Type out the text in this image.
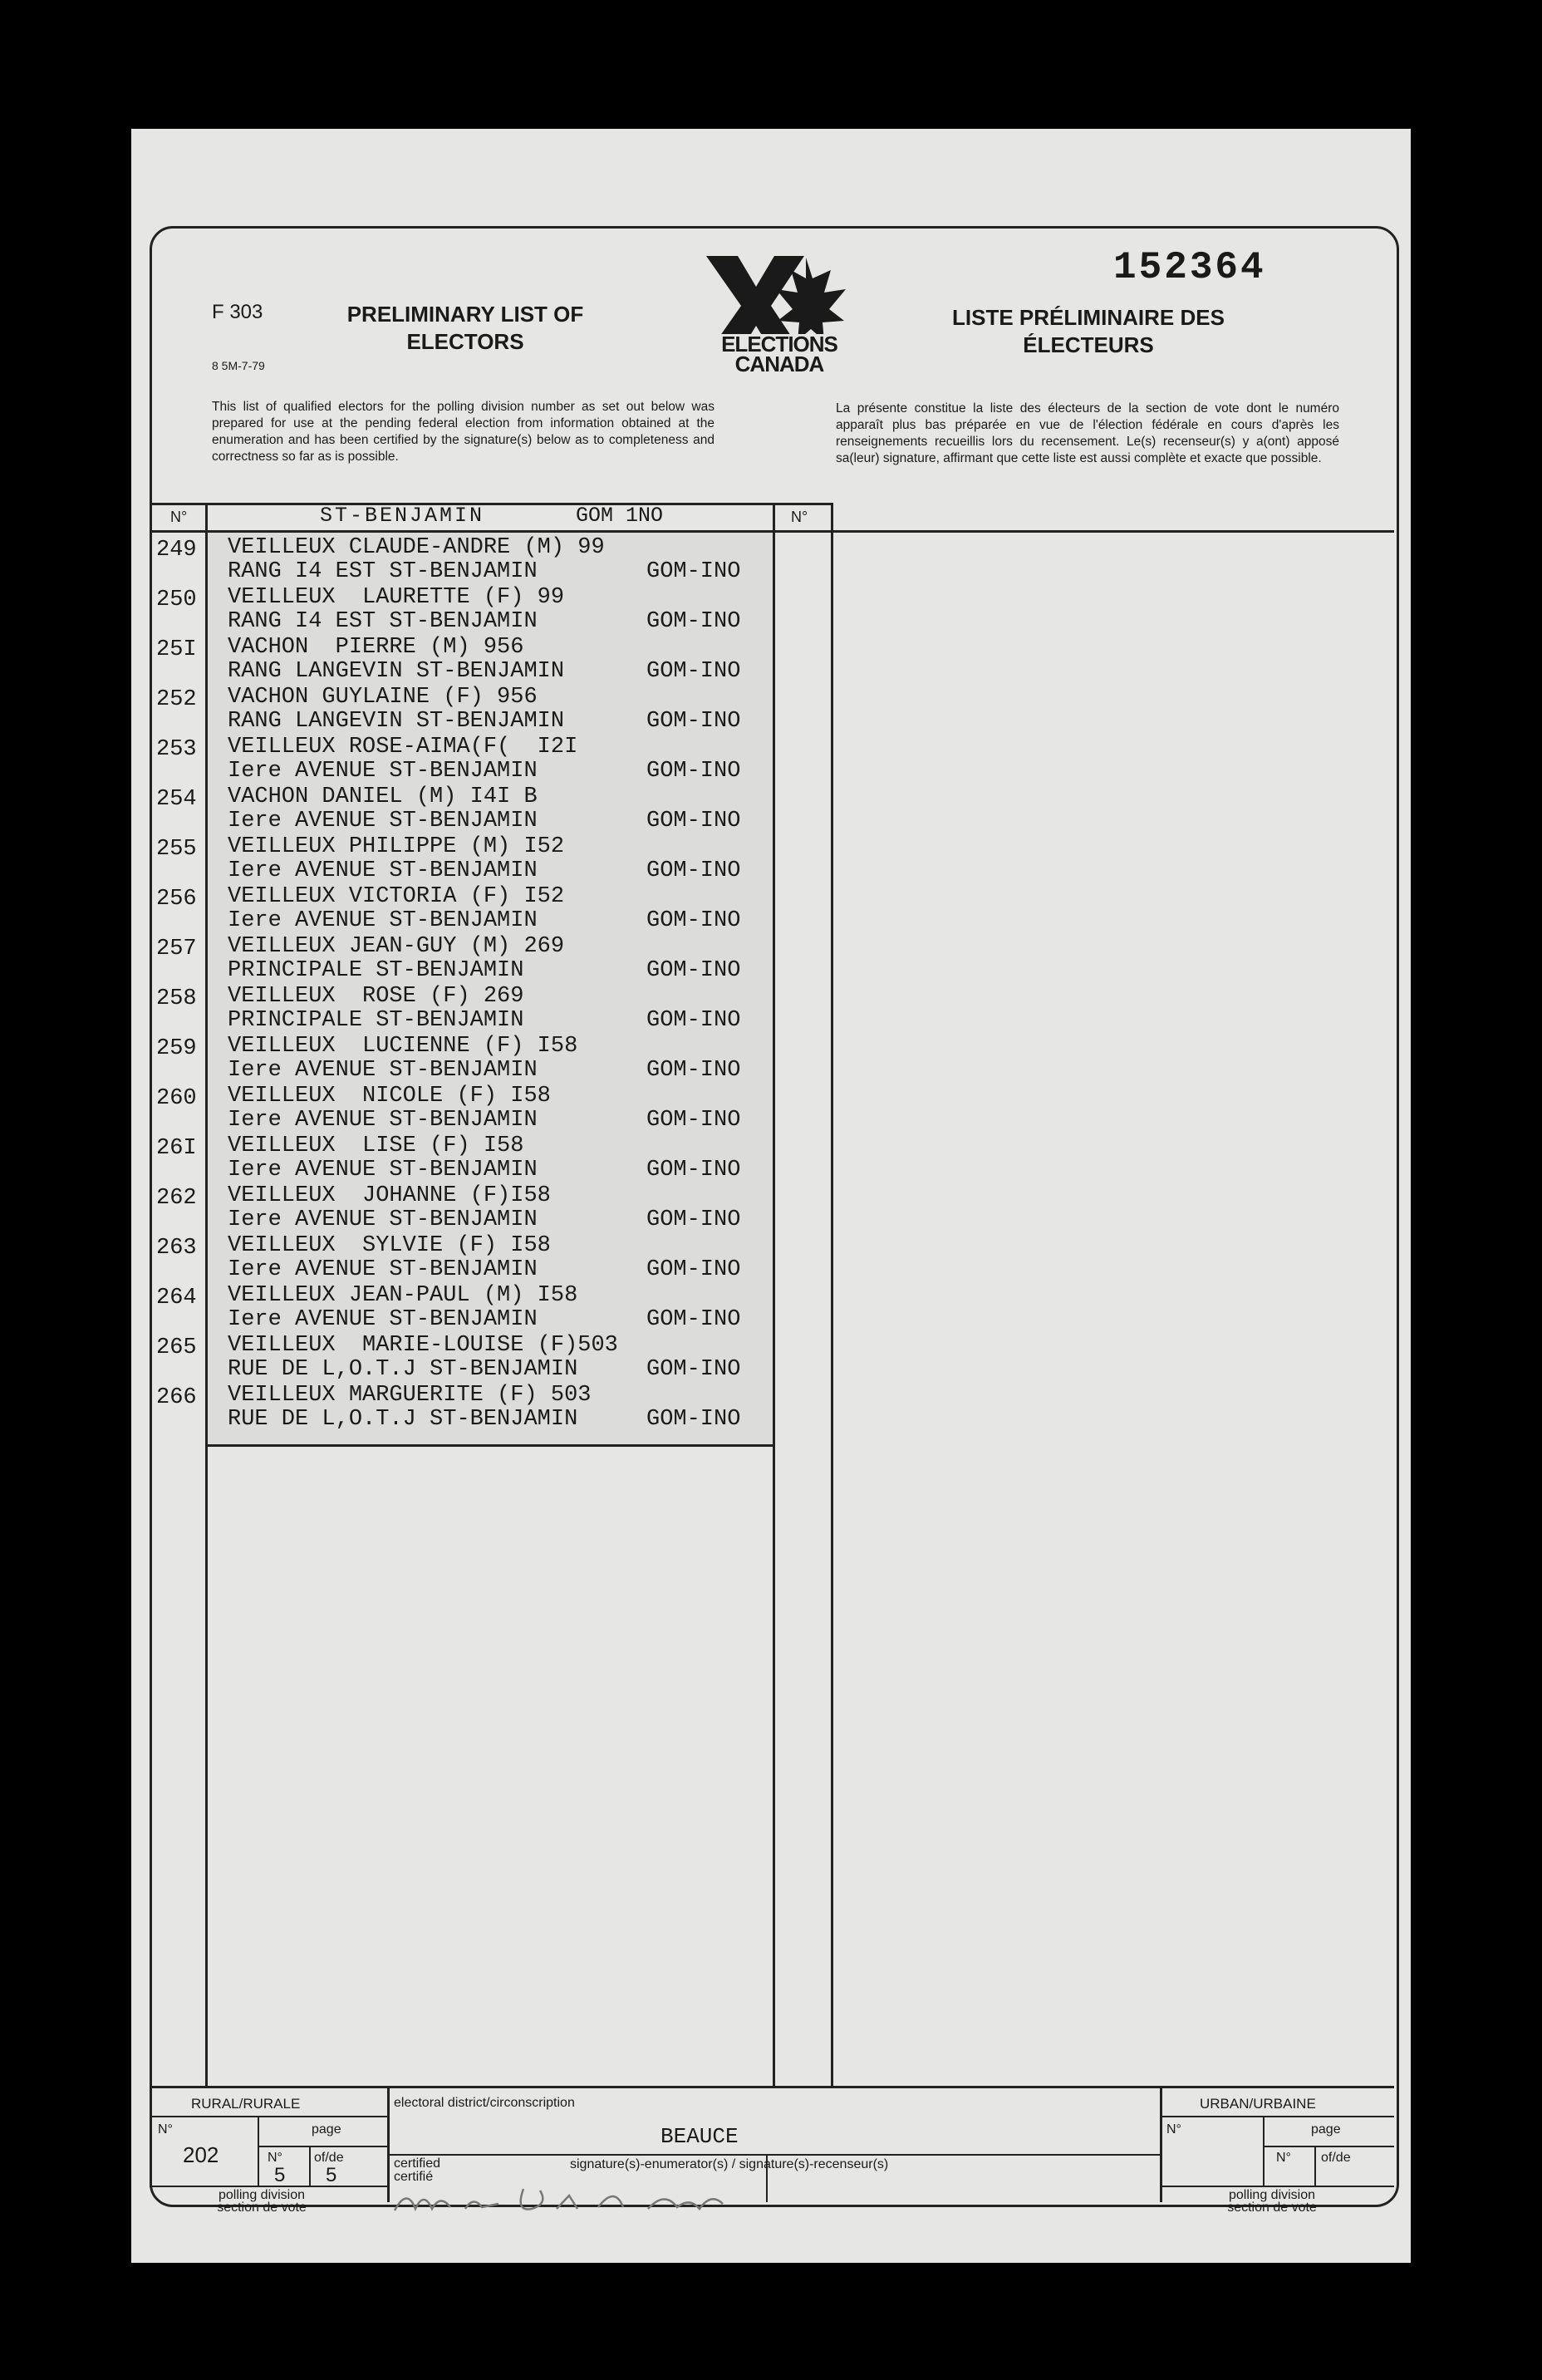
F 303
8 5M-7-79
PRELIMINARY LIST OF ELECTORS	ELECTIONS
CANADA
152364
LISTE PRÉLIMINAIRE DES ÉLECTEURS
This list of qualified electors for the polling division number as set out below was prepared for use at the pending federal election from information obtained at the enumeration and has been certified by the signature(s) below as to completeness and correctness so far as is possible.
La présente constitue la liste des électeurs de la section de vote dont le numéro apparaît plus bas préparée en vue de l'élection fédérale en cours d'après les renseignements recueillis lors du recensement. Le(s) recenseur(s) y a(ont) apposé sa(leur) signature, affirmant que cette liste est aussi complète et exacte que possible.
N°	N°
ST-BENJAMIN	GOM 1NO
249 VEILLEUX CLAUDE-ANDRE (M) 99
RANG I4 EST ST-BENJAMIN	GOM-INO
250 VEILLEUX  LAURETTE (F) 99
RANG I4 EST ST-BENJAMIN	GOM-INO
25I VACHON  PIERRE (M) 956
RANG LANGEVIN ST-BENJAMIN	GOM-INO
252 VACHON GUYLAINE (F) 956
RANG LANGEVIN ST-BENJAMIN	GOM-INO
253 VEILLEUX ROSE-AIMA(F(  I2I
Iere AVENUE ST-BENJAMIN	GOM-INO
254 VACHON DANIEL (M) I4I B
Iere AVENUE ST-BENJAMIN	GOM-INO
255 VEILLEUX PHILIPPE (M) I52
Iere AVENUE ST-BENJAMIN	GOM-INO
256 VEILLEUX VICTORIA (F) I52
Iere AVENUE ST-BENJAMIN	GOM-INO
257 VEILLEUX JEAN-GUY (M) 269
PRINCIPALE ST-BENJAMIN	GOM-INO
258 VEILLEUX  ROSE (F) 269
PRINCIPALE ST-BENJAMIN	GOM-INO
259 VEILLEUX  LUCIENNE (F) I58
Iere AVENUE ST-BENJAMIN	GOM-INO
260 VEILLEUX  NICOLE (F) I58
Iere AVENUE ST-BENJAMIN	GOM-INO
26I VEILLEUX  LISE (F) I58
Iere AVENUE ST-BENJAMIN	GOM-INO
262 VEILLEUX  JOHANNE (F)I58
Iere AVENUE ST-BENJAMIN	GOM-INO
263 VEILLEUX  SYLVIE (F) I58
Iere AVENUE ST-BENJAMIN	GOM-INO
264 VEILLEUX JEAN-PAUL (M) I58
Iere AVENUE ST-BENJAMIN	GOM-INO
265 VEILLEUX  MARIE-LOUISE (F)503
RUE DE L,O.T.J ST-BENJAMIN	GOM-INO
266 VEILLEUX MARGUERITE (F) 503
RUE DE L,O.T.J ST-BENJAMIN	GOM-INO
RURAL/RURALE
N°	page
202	N° of/de
5 5
polling division
section de vote
electoral district/circonscription
BEAUCE
certified
certifié
signature(s)-enumerator(s) / signature(s)-recenseur(s)
URBAN/URBAINE
N°	page
N° of/de
polling division
section de vote
